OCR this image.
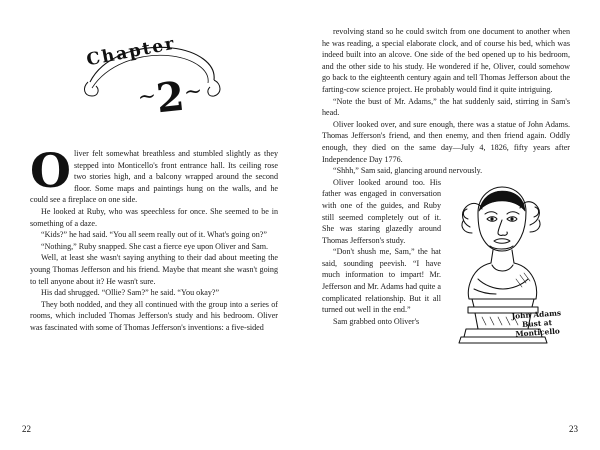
Chapter
~2~

Oliver felt somewhat breathless and stumbled slightly as they stepped into Monticello's front entrance hall. Its ceiling rose two stories high, and a balcony wrapped around the second floor. Some maps and paintings hung on the walls, and he could see a fireplace on one side.

He looked at Ruby, who was speechless for once. She seemed to be in something of a daze.

“Kids?” he had said. “You all seem really out of it. What's going on?”

“Nothing,” Ruby snapped. She cast a fierce eye upon Oliver and Sam.

Well, at least she wasn't saying anything to their dad about meeting the young Thomas Jefferson and his friend. Maybe that meant she wasn't going to tell anyone about it? He wasn't sure.

His dad shrugged. “Ollie? Sam?” he said. “You okay?”

They both nodded, and they all continued with the group into a series of rooms, which included Thomas Jefferson's study and his bedroom. Oliver was fascinated with some of Thomas Jefferson's inventions: a five-sided

22

revolving stand so he could switch from one document to another when he was reading, a special elaborate clock, and of course his bed, which was indeed built into an alcove. One side of the bed opened up to his bedroom, and the other side to his study. He wondered if he, Oliver, could somehow go back to the eighteenth century again and tell Thomas Jefferson about the farting-cow science project. He probably would find it quite intriguing.

“Note the bust of Mr. Adams,” the hat suddenly said, stirring in Sam's head.

Oliver looked over, and sure enough, there was a statue of John Adams. Thomas Jefferson's friend, and then enemy, and then friend again. Oddly enough, they died on the same day—July 4, 1826, fifty years after Independence Day 1776.

“Shhh,” Sam said, glancing around nervously.

John Adams Bust at Monticello

Oliver looked around too. His father was engaged in conversation with one of the guides, and Ruby still seemed completely out of it. She was staring glazedly around Thomas Jefferson's study.

“Don't shush me, Sam,” the hat said, sounding peevish. “I have much information to impart! Mr. Jefferson and Mr. Adams had quite a complicated relationship. But it all turned out well in the end.”

Sam grabbed onto Oliver's

23
